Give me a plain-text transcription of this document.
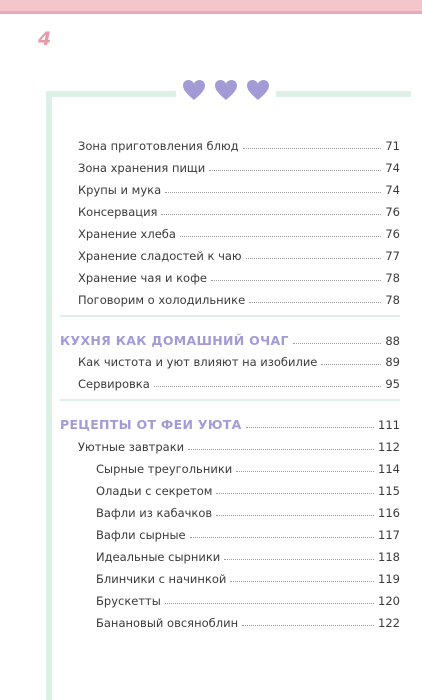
4
Зона приготовления блюд	71
Зона хранения пищи	74
Крупы и мука	74
Консервация	76
Хранение хлеба	76
Хранение сладостей к чаю	77
Хранение чая и кофе	78
Поговорим о холодильнике	78
КУХНЯ КАК ДОМАШНИЙ ОЧАГ	88
Как чистота и уют влияют на изобилие	89
Сервировка	95
РЕЦЕПТЫ ОТ ФЕИ УЮТА	111
Уютные завтраки	112
Сырные треугольники	114
Оладьи с секретом	115
Вафли из кабачков	116
Вафли сырные	117
Идеальные сырники	118
Блинчики с начинкой	119
Брускетты	120
Банановый овсяноблин	122
